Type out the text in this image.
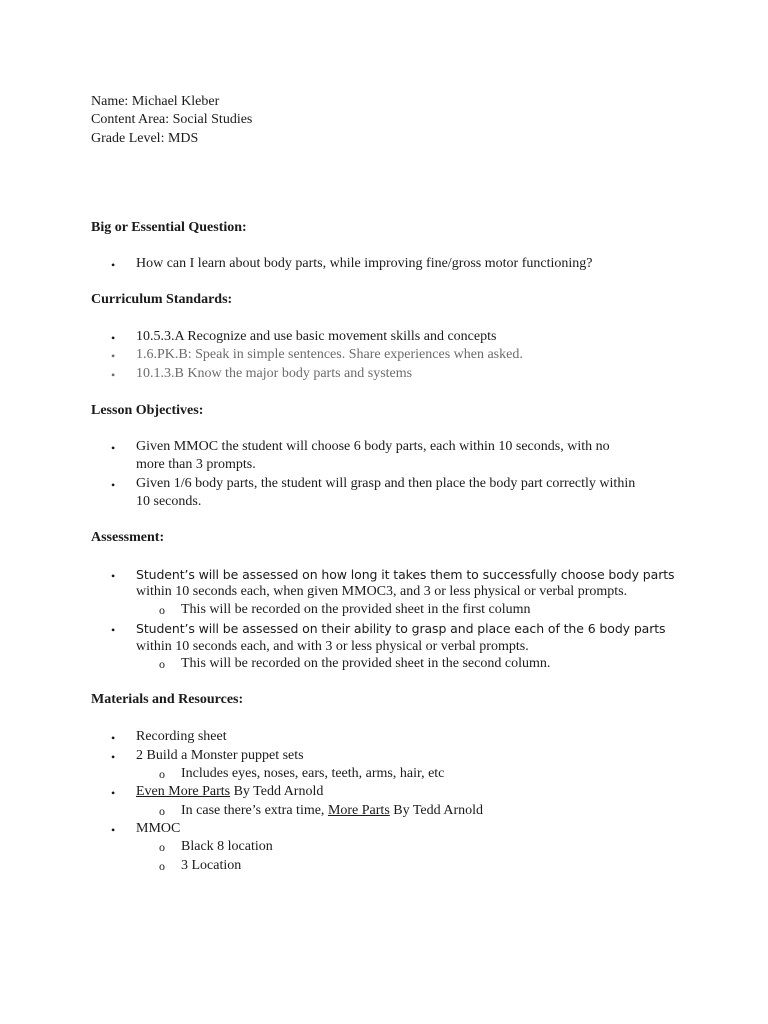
Name: Michael Kleber
Content Area: Social Studies
Grade Level: MDS
Big or Essential Question:
• How can I learn about body parts, while improving fine/gross motor functioning?
Curriculum Standards:
• 10.5.3.A Recognize and use basic movement skills and concepts
• 1.6.PK.B: Speak in simple sentences. Share experiences when asked.
• 10.1.3.B Know the major body parts and systems
Lesson Objectives:
• Given MMOC the student will choose 6 body parts, each within 10 seconds, with no
more than 3 prompts.
• Given 1/6 body parts, the student will grasp and then place the body part correctly within
10 seconds.
Assessment:
• Student’s will be assessed on how long it takes them to successfully choose body parts
within 10 seconds each, when given MMOC3, and 3 or less physical or verbal prompts.
o This will be recorded on the provided sheet in the first column
• Student’s will be assessed on their ability to grasp and place each of the 6 body parts
within 10 seconds each, and with 3 or less physical or verbal prompts.
o This will be recorded on the provided sheet in the second column.
Materials and Resources:
• Recording sheet
• 2 Build a Monster puppet sets
o Includes eyes, noses, ears, teeth, arms, hair, etc
• Even More Parts By Tedd Arnold
o In case there’s extra time, More Parts By Tedd Arnold
• MMOC
o Black 8 location
o 3 Location
